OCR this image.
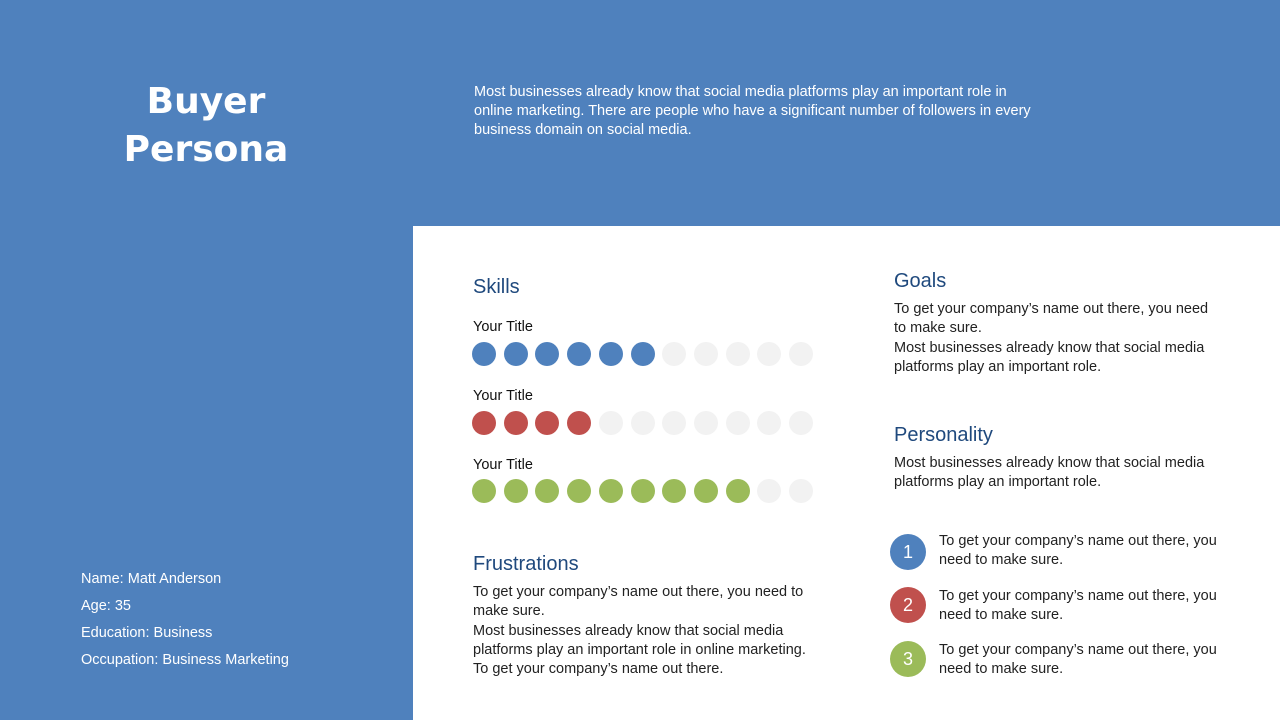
Buyer
Persona
Most businesses already know that social media platforms play an important role in online marketing. There are people who have a significant number of followers in every business domain on social media.
Name: Matt Anderson
Age: 35
Education: Business
Occupation: Business Marketing
Skills
Your Title
Your Title
Your Title
Frustrations
To get your company’s name out there, you need to make sure.
Most businesses already know that social media platforms play an important role in online marketing.
To get your company’s name out there.
Goals
To get your company’s name out there, you need to make sure.
Most businesses already know that social media platforms play an important role.
Personality
Most businesses already know that social media platforms play an important role.
1
To get your company’s name out there, you need to make sure.
2	To get your company’s name out there, you need to make sure.
3	To get your company’s name out there, you need to make sure.
